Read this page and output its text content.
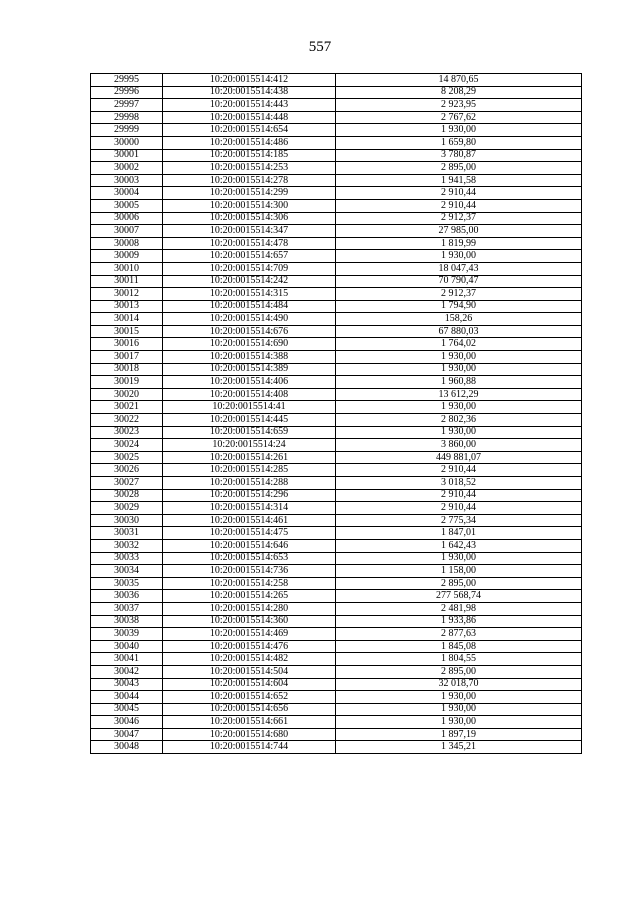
557
29995	10:20:0015514:412	14 870,65
29996	10:20:0015514:438	8 208,29
29997	10:20:0015514:443	2 923,95
29998	10:20:0015514:448	2 767,62
29999	10:20:0015514:654	1 930,00
30000	10:20:0015514:486	1 659,80
30001	10:20:0015514:185	3 780,87
30002	10:20:0015514:253	2 895,00
30003	10:20:0015514:278	1 941,58
30004	10:20:0015514:299	2 910,44
30005	10:20:0015514:300	2 910,44
30006	10:20:0015514:306	2 912,37
30007	10:20:0015514:347	27 985,00
30008	10:20:0015514:478	1 819,99
30009	10:20:0015514:657	1 930,00
30010	10:20:0015514:709	18 047,43
30011	10:20:0015514:242	70 790,47
30012	10:20:0015514:315	2 912,37
30013	10:20:0015514:484	1 794,90
30014	10:20:0015514:490	158,26
30015	10:20:0015514:676	67 880,03
30016	10:20:0015514:690	1 764,02
30017	10:20:0015514:388	1 930,00
30018	10:20:0015514:389	1 930,00
30019	10:20:0015514:406	1 960,88
30020	10:20:0015514:408	13 612,29
30021	10:20:0015514:41	1 930,00
30022	10:20:0015514:445	2 802,36
30023	10:20:0015514:659	1 930,00
30024	10:20:0015514:24	3 860,00
30025	10:20:0015514:261	449 881,07
30026	10:20:0015514:285	2 910,44
30027	10:20:0015514:288	3 018,52
30028	10:20:0015514:296	2 910,44
30029	10:20:0015514:314	2 910,44
30030	10:20:0015514:461	2 775,34
30031	10:20:0015514:475	1 847,01
30032	10:20:0015514:646	1 642,43
30033	10:20:0015514:653	1 930,00
30034	10:20:0015514:736	1 158,00
30035	10:20:0015514:258	2 895,00
30036	10:20:0015514:265	277 568,74
30037	10:20:0015514:280	2 481,98
30038	10:20:0015514:360	1 933,86
30039	10:20:0015514:469	2 877,63
30040	10:20:0015514:476	1 845,08
30041	10:20:0015514:482	1 804,55
30042	10:20:0015514:504	2 895,00
30043	10:20:0015514:604	32 018,70
30044	10:20:0015514:652	1 930,00
30045	10:20:0015514:656	1 930,00
30046	10:20:0015514:661	1 930,00
30047	10:20:0015514:680	1 897,19
30048	10:20:0015514:744	1 345,21
